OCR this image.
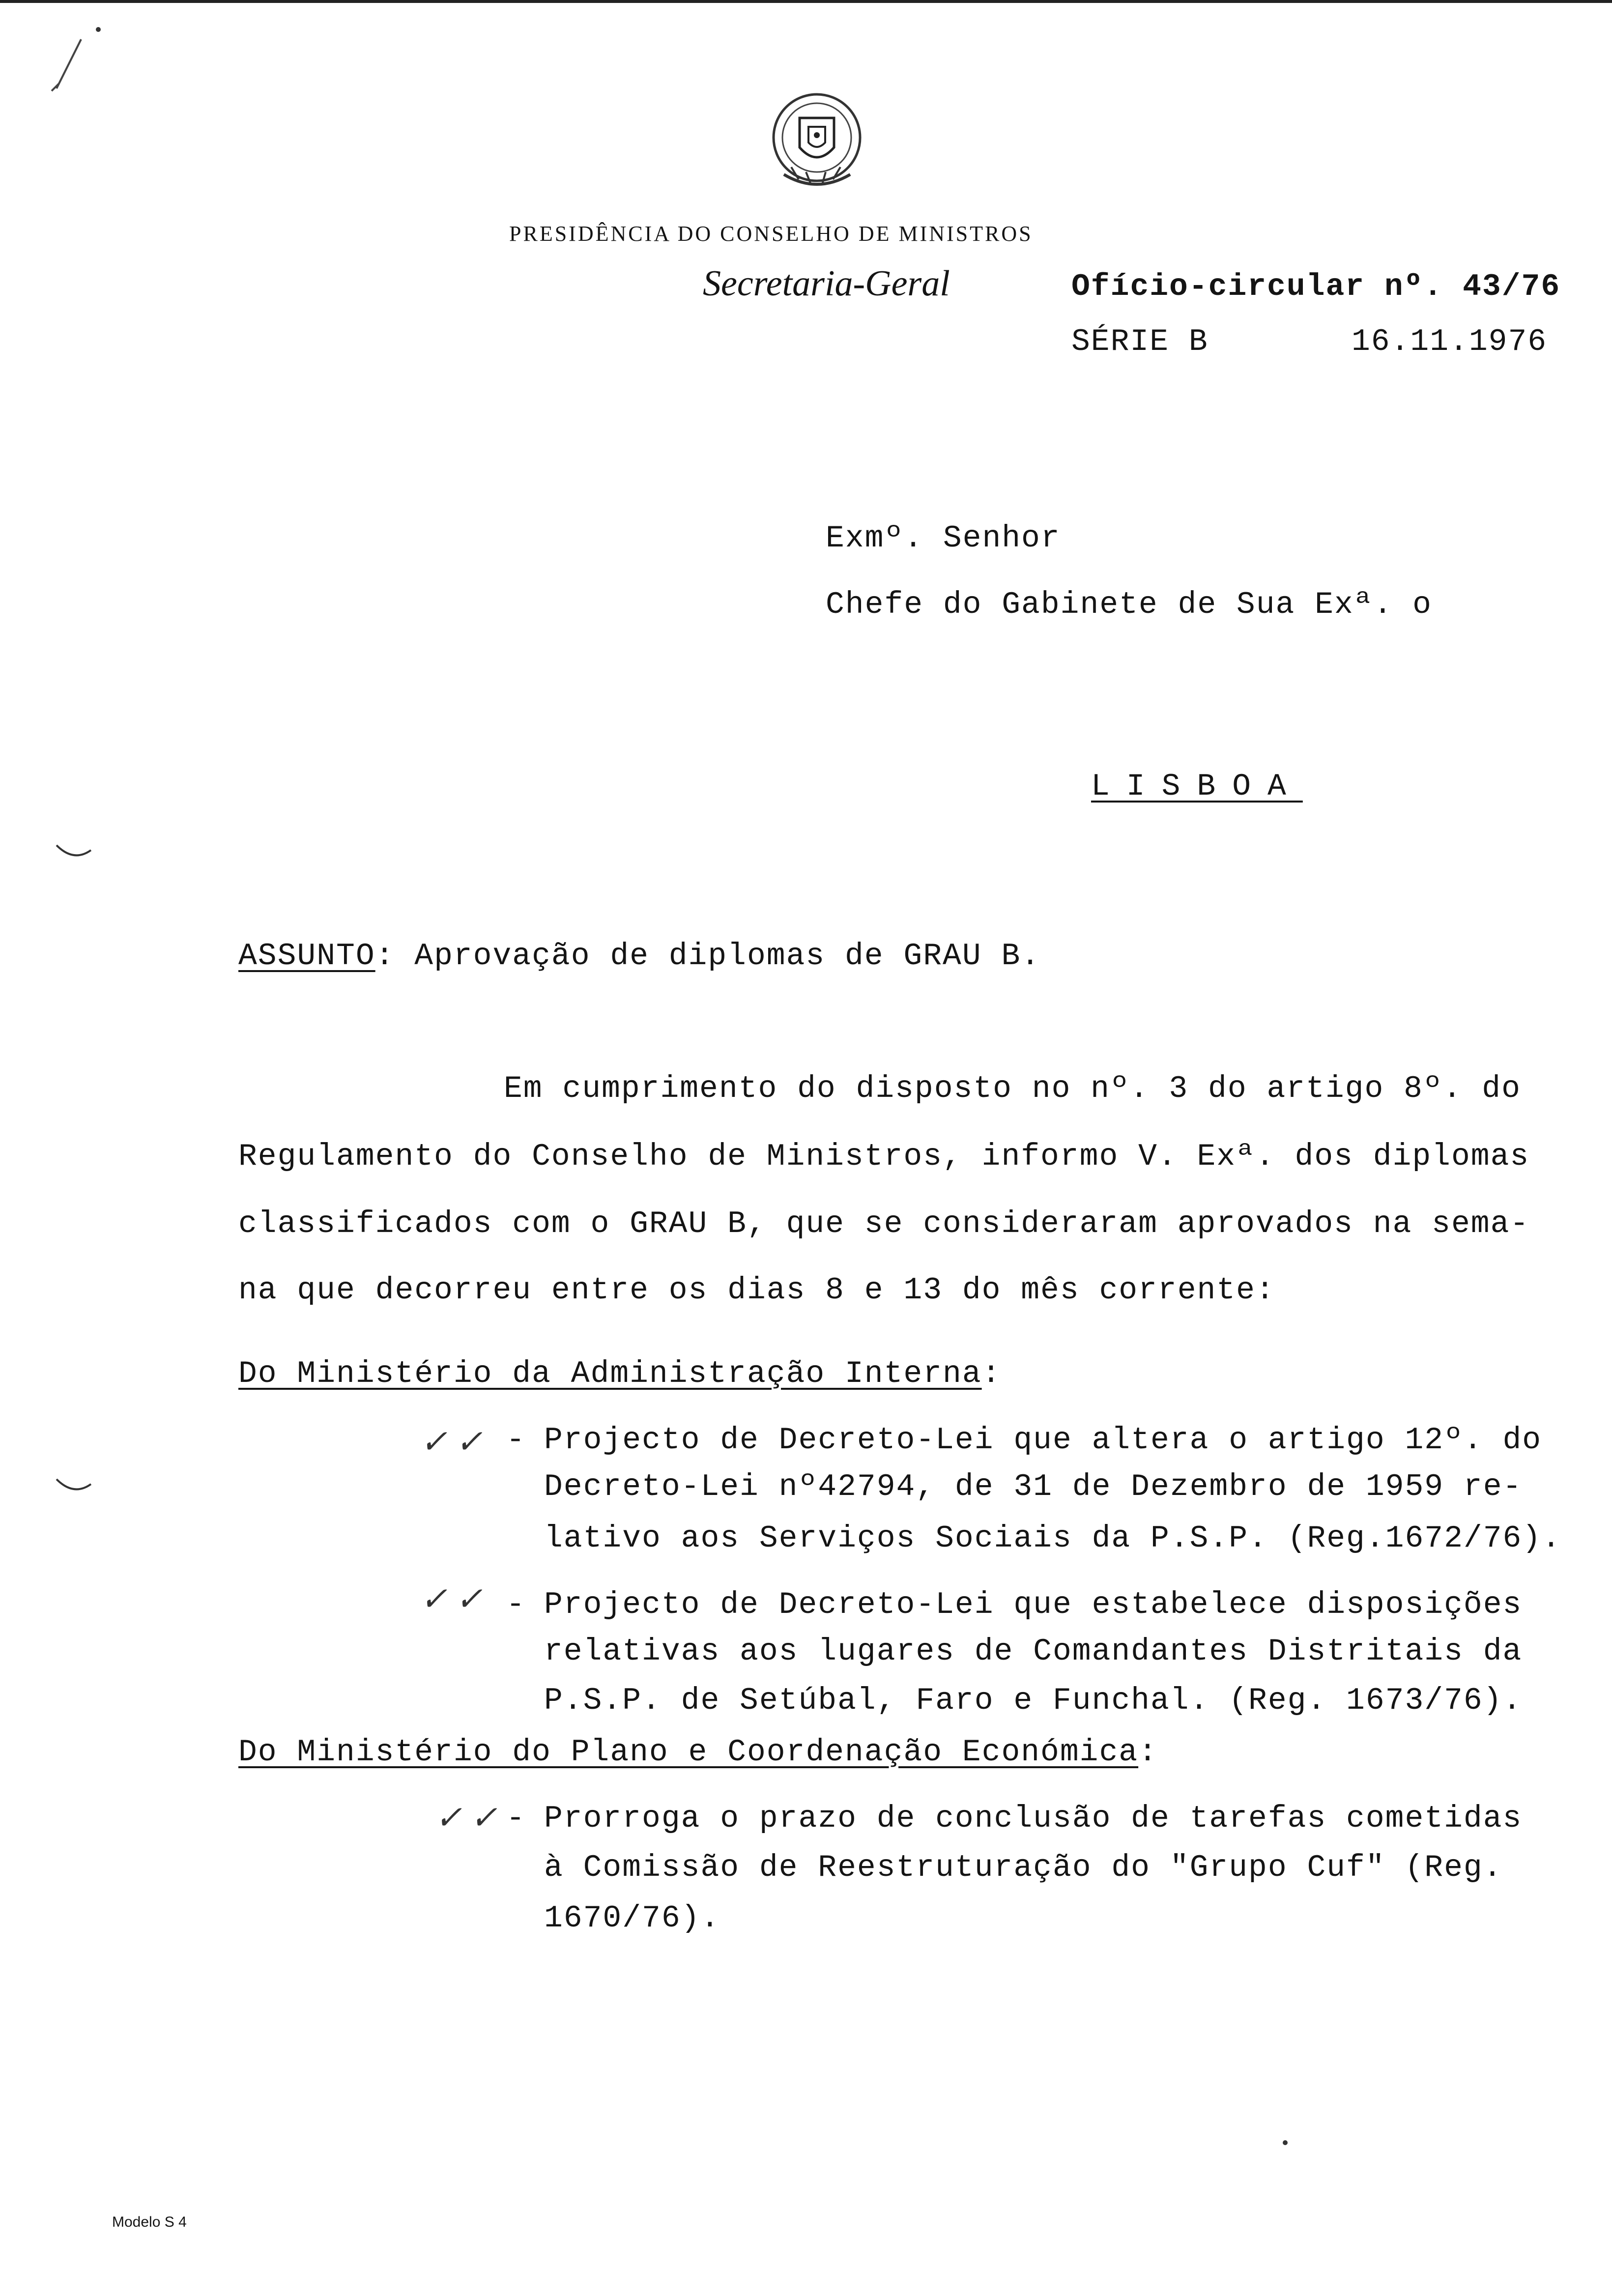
PRESIDÊNCIA DO CONSELHO DE MINISTROS
Secretaria-Geral	Ofício-circular nº. 43/76
SÉRIE B	16.11.1976
Exmº. Senhor
Chefe do Gabinete de Sua Exª. o
LISBOA
ASSUNTO: Aprovação de diplomas de GRAU B.
Em cumprimento do disposto no nº. 3 do artigo 8º. do
Regulamento do Conselho de Ministros, informo V. Exª. dos diplomas
classificados com o GRAU B, que se consideraram aprovados na sema-
na que decorreu entre os dias 8 e 13 do mês corrente:
Do Ministério da Administração Interna:
✓ ✓ - Projecto de Decreto-Lei que altera o artigo 12º. do
Decreto-Lei nº42794, de 31 de Dezembro de 1959 re-
lativo aos Serviços Sociais da P.S.P. (Reg.1672/76).
✓ ✓ - Projecto de Decreto-Lei que estabelece disposições
relativas aos lugares de Comandantes Distritais da
P.S.P. de Setúbal, Faro e Funchal. (Reg. 1673/76).
Do Ministério do Plano e Coordenação Económica:
✓ ✓ - Prorroga o prazo de conclusão de tarefas cometidas
à Comissão de Reestruturação do "Grupo Cuf" (Reg.
1670/76).
Modelo S 4
